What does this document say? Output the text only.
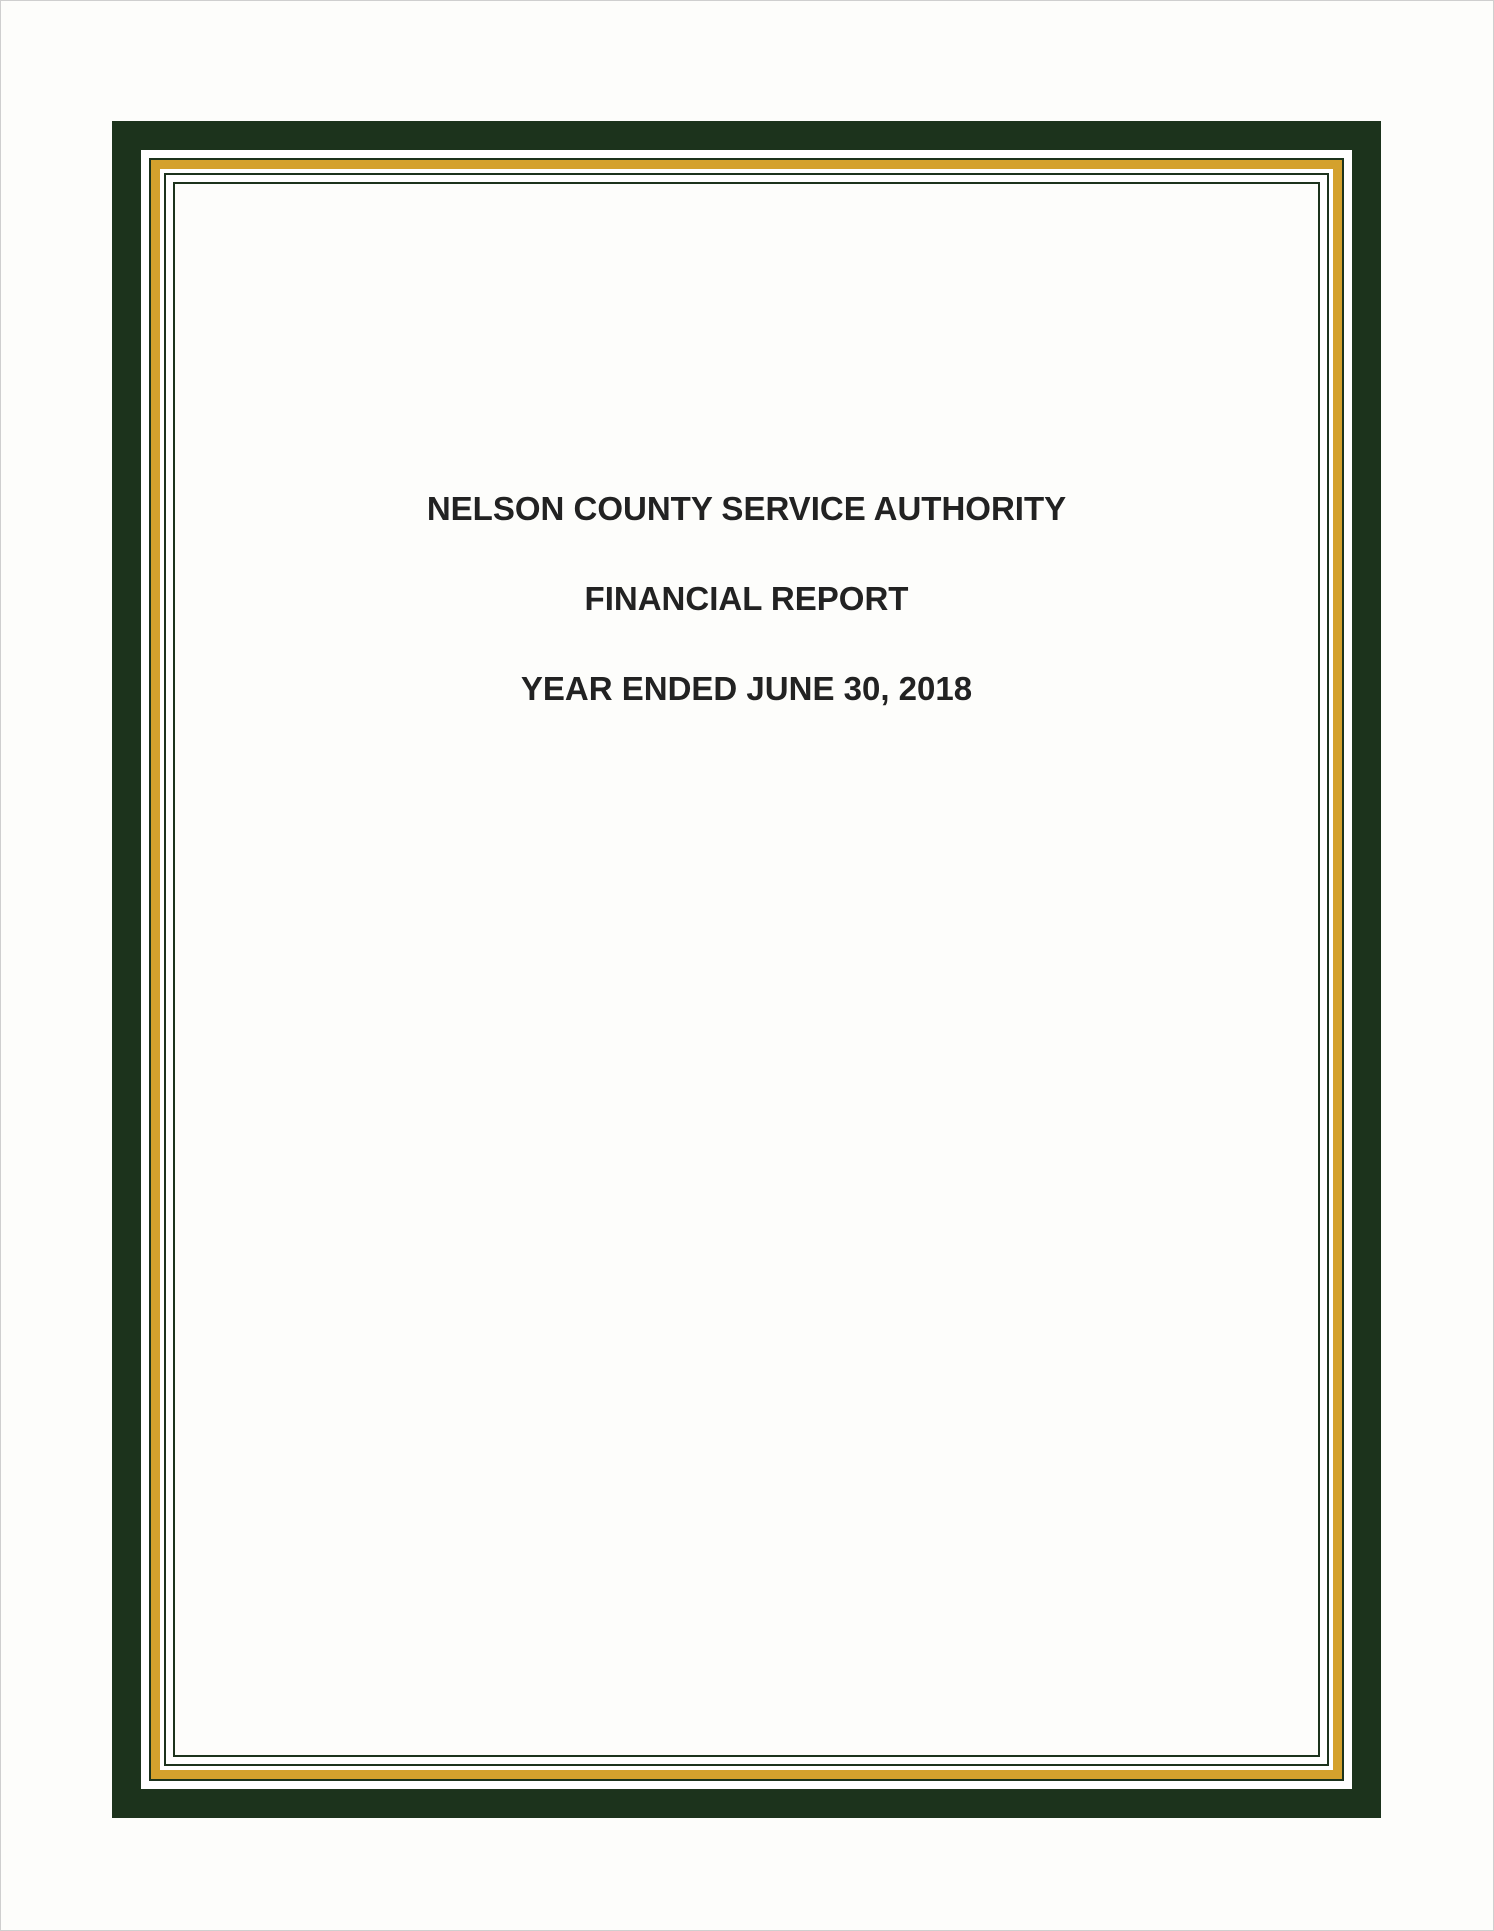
NELSON COUNTY SERVICE AUTHORITY
FINANCIAL REPORT
YEAR ENDED JUNE 30, 2018
